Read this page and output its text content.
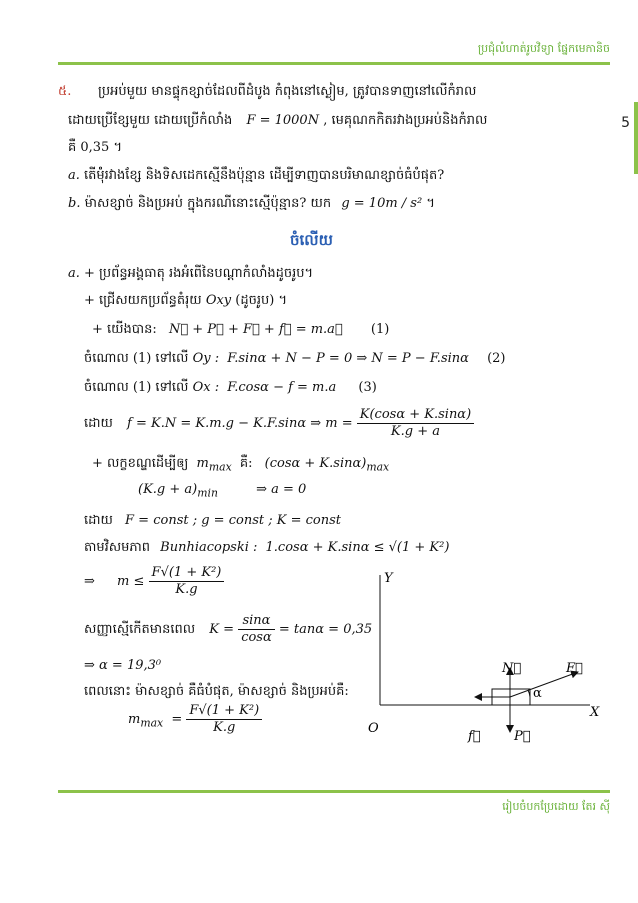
ប្រជុំលំហាត់រូបវិទ្យា ផ្នែកមេកានិច
5
៥. ប្រអប់មួយ មានផ្ទុកខ្សាច់ដែលពីដំបូង កំពុងនៅស្ងៀម, ត្រូវបានទាញនៅលើកំរាល
ដោយប្រើខ្សែមួយ ដោយប្រើកំលាំង F = 1000N , មេគុណកកិតរវាងប្រអប់និងកំរាល
គឺ 0,35 ។
a. តើម៉ុំរវាងខ្សែ និងទិសដេកស្មើនឹងប៉ុន្មាន ដើម្បីទាញបានបរិមាណខ្សាច់ធំបំផុត?
b. ម៉ាសខ្សាច់ និងប្រអប់ ក្នុងករណីនោះស្មើប៉ុន្មាន? យក g = 10m / s² ។
ចំលើយ
a. + ប្រព័ន្ធអង្គធាតុ រងអំពើនៃបណ្តាកំលាំងដូចរូប។
+ ជ្រើសយកប្រព័ន្ធតំរុយ Oxy (ដូចរូប) ។
+ យើងបាន: N⃗ + P⃗ + F⃗ + f⃗ = m.a⃗ (1)
ចំណោល (1) ទៅលើ Oy : F.sinα + N − P = 0 ⇒ N = P − F.sinα (2)
ចំណោល (1) ទៅលើ Ox : F.cosα − f = m.a (3)
ដោយ f = K.N = K.m.g − K.F.sinα ⇒ $m = \frac{K(\cos\alpha + K.\sin\alpha)}{K.g + a}$
+ លក្ខខណ្ឌដើម្បីឲ្យ $m_{max}$ គឺ: $(\cos\alpha + K.\sin\alpha)_{max}$
$(K.g + a)_{min}$	⇒ a = 0
ដោយ F = const ; g = const ; K = const
តាមវិសមភាព Bunhiacopski : 1.cosα + K.sinα ≤ √(1 + K²)
⇒ $m \le \frac{\text{F√(1 + K²)}}{K.g}$
សញ្ញាស្មើកើតមានពេល $K = \frac{\sin\alpha}{\cos\alpha} = \tan\alpha = 0,35$
⇒ α = 19,3⁰
ពេលនោះ ម៉ាសខ្សាច់ គឺធំបំផុត, ម៉ាសខ្សាច់ និងប្រអប់គឺ:
$m_{max} = \frac{\text{F√(1 + K²)}}{K.g}$	O
X
Y
N⃗	F⃗
f⃗	P⃗
α
រៀបចំបកប្រែដោយ តែរ ស៊ី
